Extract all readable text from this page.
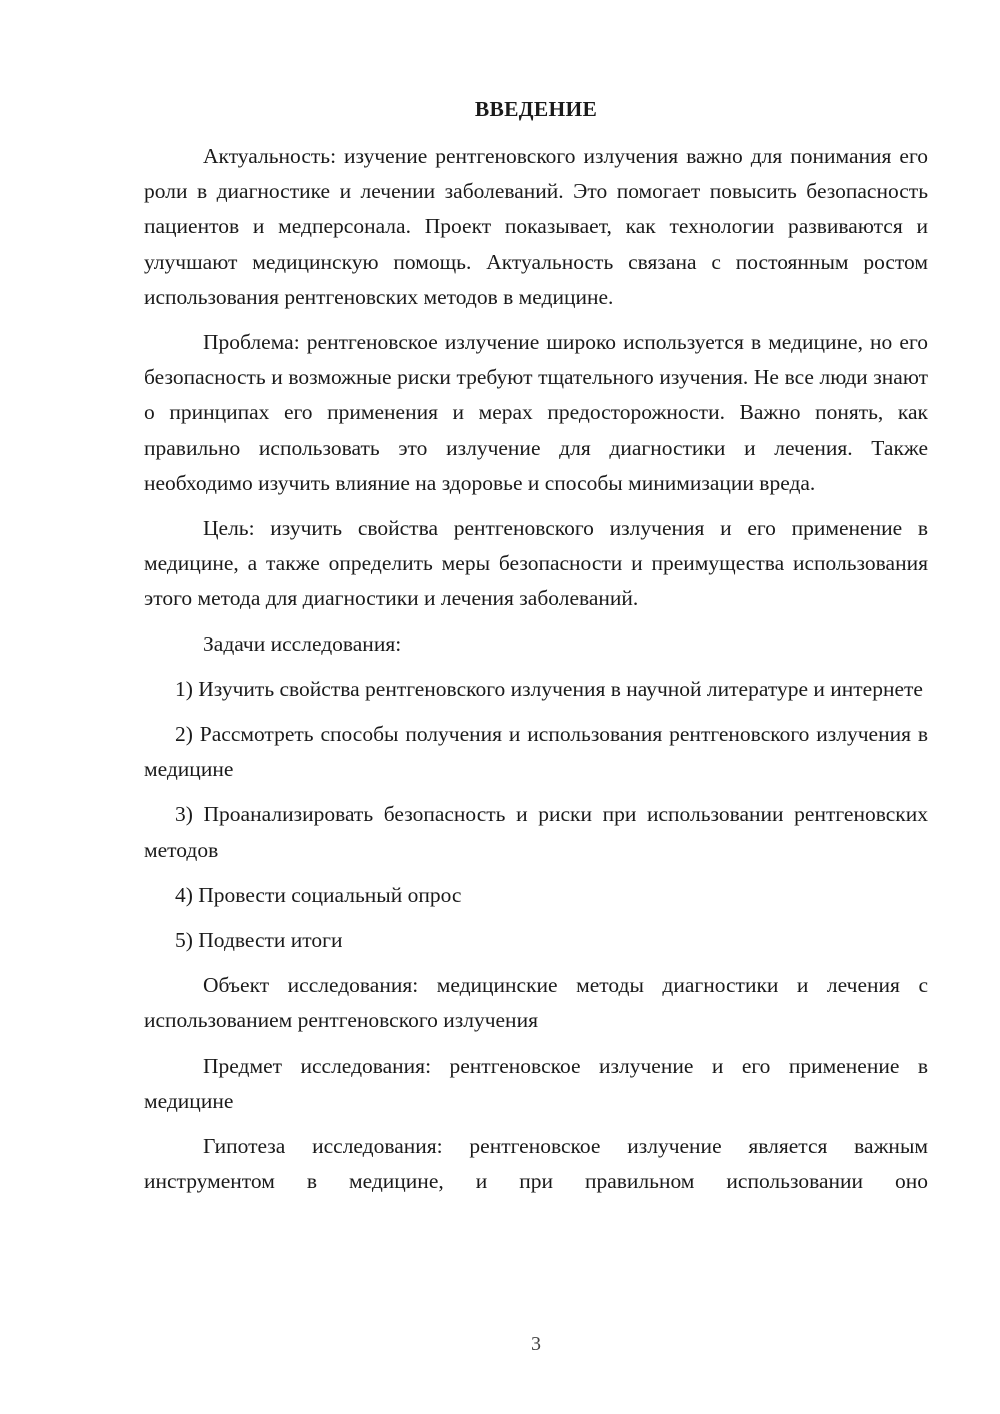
ВВЕДЕНИЕ
Актуальность: изучение рентгеновского излучения важно для понимания его роли в диагностике и лечении заболеваний. Это помогает повысить безопасность пациентов и медперсонала. Проект показывает, как технологии развиваются и улучшают медицинскую помощь. Актуальность связана с постоянным ростом использования рентгеновских методов в медицине.
Проблема: рентгеновское излучение широко используется в медицине, но его безопасность и возможные риски требуют тщательного изучения. Не все люди знают о принципах его применения и мерах предосторожности. Важно понять, как правильно использовать это излучение для диагностики и лечения. Также необходимо изучить влияние на здоровье и способы минимизации вреда.
Цель: изучить свойства рентгеновского излучения и его применение в медицине, а также определить меры безопасности и преимущества использования этого метода для диагностики и лечения заболеваний.
Задачи исследования:
1) Изучить свойства рентгеновского излучения в научной литературе и интернете
2) Рассмотреть способы получения и использования рентгеновского излучения в медицине
3) Проанализировать безопасность и риски при использовании рентгеновских методов
4) Провести социальный опрос
5) Подвести итоги
Объект исследования: медицинские методы диагностики и лечения с использованием рентгеновского излучения
Предмет исследования: рентгеновское излучение и его применение в медицине
Гипотеза исследования: рентгеновское излучение является важным инструментом в медицине, и при правильном использовании оно
3
